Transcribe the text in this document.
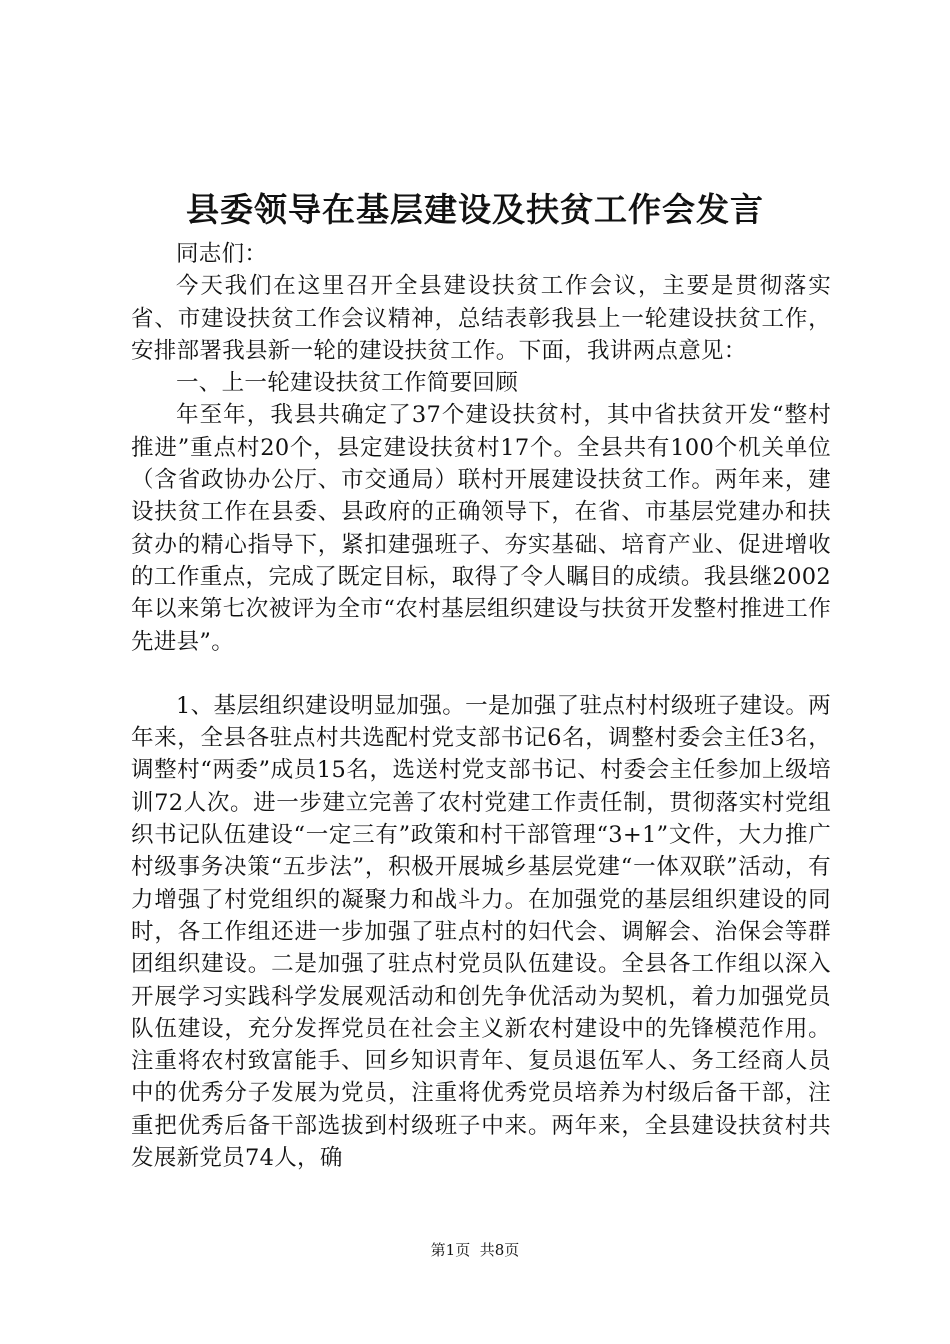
县委领导在基层建设及扶贫工作会发言

同志们：

今天我们在这里召开全县建设扶贫工作会议，主要是贯彻落实省、市建设扶贫工作会议精神，总结表彰我县上一轮建设扶贫工作，安排部署我县新一轮的建设扶贫工作。下面，我讲两点意见：

一、上一轮建设扶贫工作简要回顾

年至年，我县共确定了37个建设扶贫村，其中省扶贫开发“整村推进”重点村20个，县定建设扶贫村17个。全县共有100个机关单位（含省政协办公厅、市交通局）联村开展建设扶贫工作。两年来，建设扶贫工作在县委、县政府的正确领导下，在省、市基层党建办和扶贫办的精心指导下，紧扣建强班子、夯实基础、培育产业、促进增收的工作重点，完成了既定目标，取得了令人瞩目的成绩。我县继2002年以来第七次被评为全市“农村基层组织建设与扶贫开发整村推进工作先进县”。

1、基层组织建设明显加强。一是加强了驻点村村级班子建设。两年来，全县各驻点村共选配村党支部书记6名，调整村委会主任3名，调整村“两委”成员15名，选送村党支部书记、村委会主任参加上级培训72人次。进一步建立完善了农村党建工作责任制，贯彻落实村党组织书记队伍建设“一定三有”政策和村干部管理“3+1”文件，大力推广村级事务决策“五步法”，积极开展城乡基层党建“一体双联”活动，有力增强了村党组织的凝聚力和战斗力。在加强党的基层组织建设的同时，各工作组还进一步加强了驻点村的妇代会、调解会、治保会等群团组织建设。二是加强了驻点村党员队伍建设。全县各工作组以深入开展学习实践科学发展观活动和创先争优活动为契机，着力加强党员队伍建设，充分发挥党员在社会主义新农村建设中的先锋模范作用。注重将农村致富能手、回乡知识青年、复员退伍军人、务工经商人员中的优秀分子发展为党员，注重将优秀党员培养为村级后备干部，注重把优秀后备干部选拔到村级班子中来。两年来，全县建设扶贫村共发展新党员74人，确

第1页 共8页
